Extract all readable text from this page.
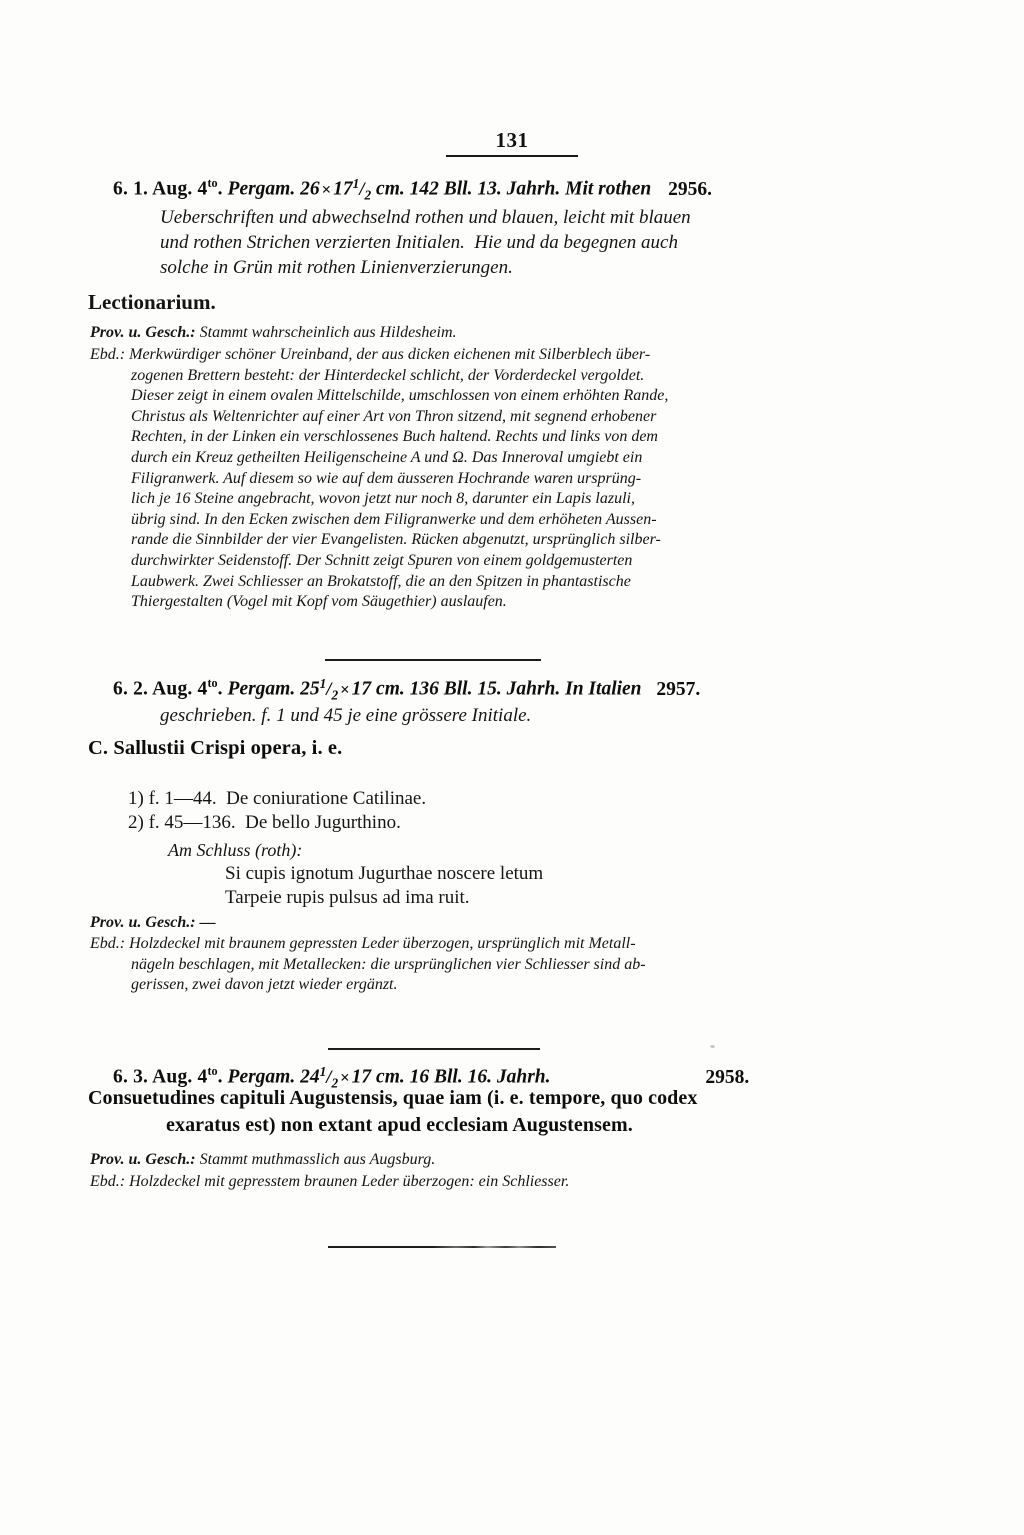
131
6. 1. Aug. $4^{to}$. Pergam. $26 \times 17^1/_2$ cm. 142 Bll. 13. Jahrh. Mit rothen 2956.
Ueberschriften und abwechselnd rothen und blauen, leicht mit blauen
und rothen Strichen verzierten Initialen.  Hie und da begegnen auch
solche in Grün mit rothen Linienverzierungen.
Lectionarium.
Prov. u. Gesch.: Stammt wahrscheinlich aus Hildesheim.
Ebd.: Merkwürdiger schöner Ureinband, der aus dicken eichenen mit Silberblech über-
zogenen Brettern besteht: der Hinterdeckel schlicht, der Vorderdeckel vergoldet.
Dieser zeigt in einem ovalen Mittelschilde, umschlossen von einem erhöhten Rande,
Christus als Weltenrichter auf einer Art von Thron sitzend, mit segnend erhobener
Rechten, in der Linken ein verschlossenes Buch haltend. Rechts und links von dem
durch ein Kreuz getheilten Heiligenscheine A und Ω. Das Inneroval umgiebt ein
Filigranwerk. Auf diesem so wie auf dem äusseren Hochrande waren ursprüng-
lich je 16 Steine angebracht, wovon jetzt nur noch 8, darunter ein Lapis lazuli,
übrig sind. In den Ecken zwischen dem Filigranwerke und dem erhöheten Aussen-
rande die Sinnbilder der vier Evangelisten. Rücken abgenutzt, ursprünglich silber-
durchwirkter Seidenstoff. Der Schnitt zeigt Spuren von einem goldgemusterten
Laubwerk. Zwei Schliesser an Brokatstoff, die an den Spitzen in phantastische
Thiergestalten (Vogel mit Kopf vom Säugethier) auslaufen.
6. 2. Aug. $4^{to}$. Pergam. $25^1/_2 \times 17$ cm. 136 Bll. 15. Jahrh. In Italien 2957.
geschrieben. f. 1 und 45 je eine grössere Initiale.
C. Sallustii Crispi opera, i. e.
1) f. 1—44.  De coniuratione Catilinae.
2) f. 45—136.  De bello Jugurthino.
Am Schluss (roth):
Si cupis ignotum Jugurthae noscere letum
Tarpeie rupis pulsus ad ima ruit.
Prov. u. Gesch.: —
Ebd.: Holzdeckel mit braunem gepressten Leder überzogen, ursprünglich mit Metall-
nägeln beschlagen, mit Metallecken: die ursprünglichen vier Schliesser sind ab-
gerissen, zwei davon jetzt wieder ergänzt.
6. 3. Aug. $4^{to}$. Pergam. $24^1/_2 \times 17$ cm. 16 Bll. 16. Jahrh.	2958.
Consuetudines capituli Augustensis, quae iam (i. e. tempore, quo codex
exaratus est) non extant apud ecclesiam Augustensem.
Prov. u. Gesch.: Stammt muthmasslich aus Augsburg.
Ebd.: Holzdeckel mit gepresstem braunen Leder überzogen: ein Schliesser.
